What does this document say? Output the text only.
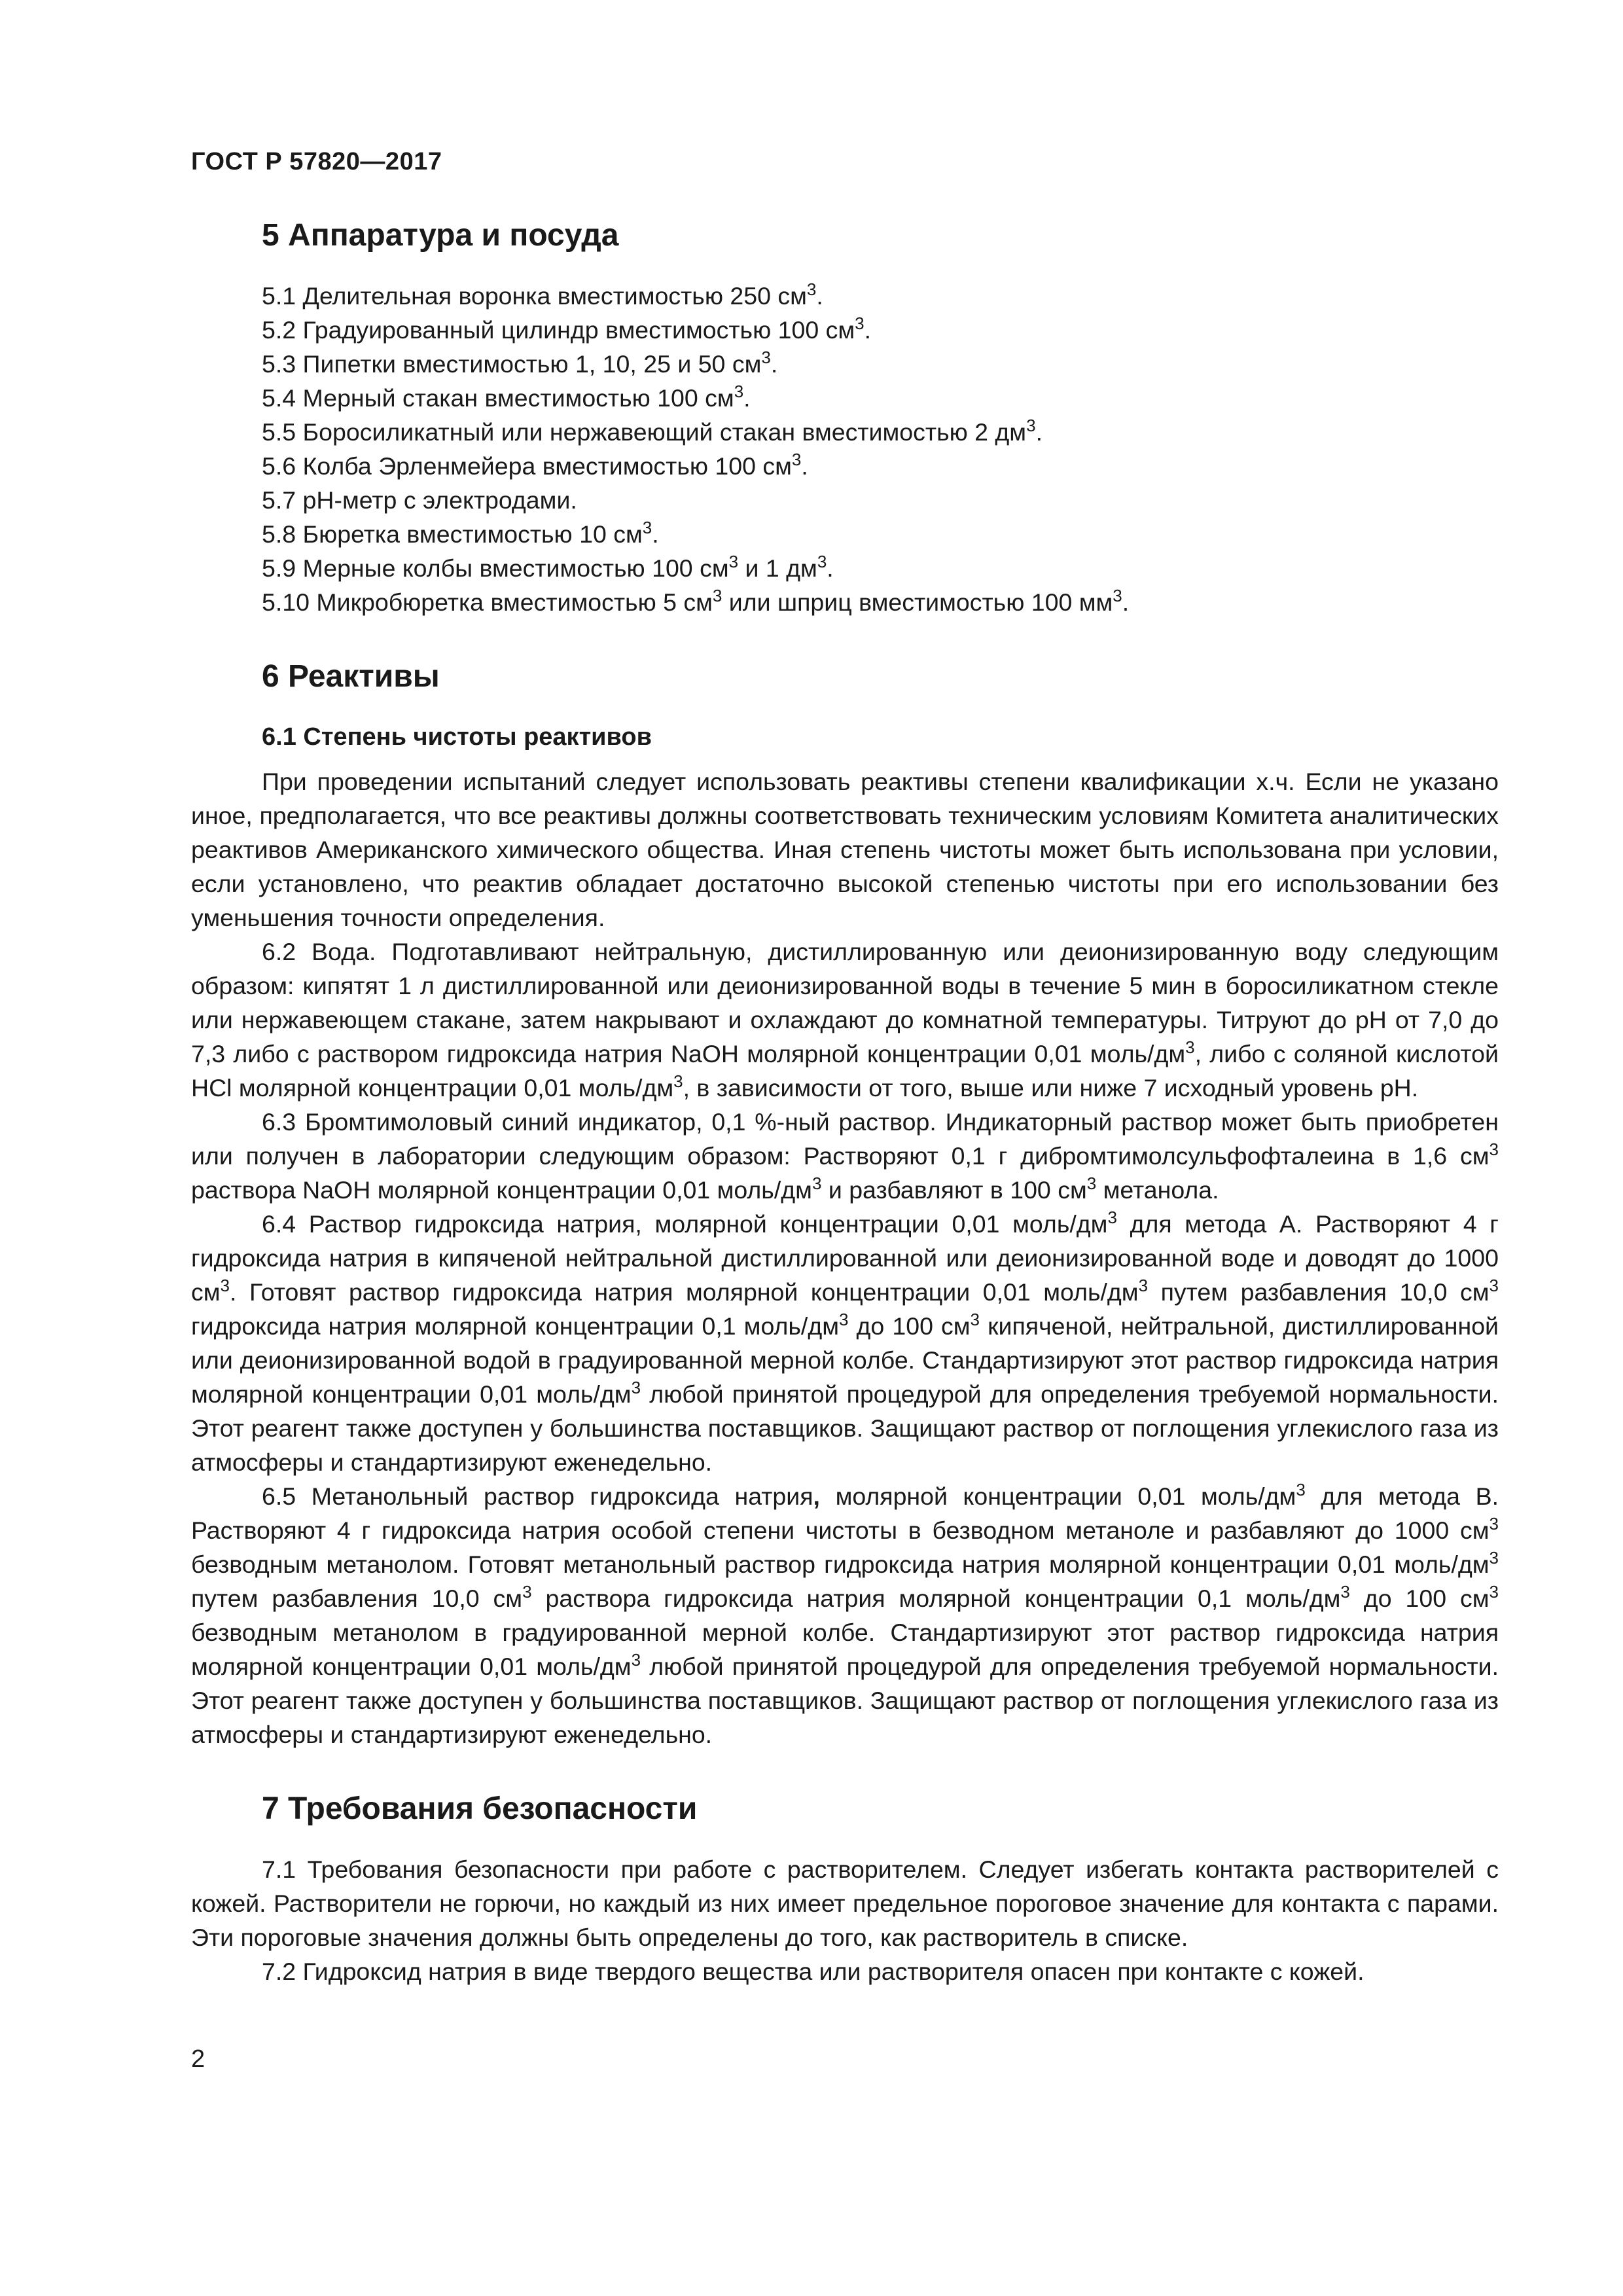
ГОСТ Р 57820—2017
5 Аппаратура и посуда
5.1 Делительная воронка вместимостью 250 $см^3$.
5.2 Градуированный цилиндр вместимостью 100 $см^3$.
5.3 Пипетки вместимостью 1, 10, 25 и 50 $см^3$.
5.4 Мерный стакан вместимостью 100 $см^3$.
5.5 Боросиликатный или нержавеющий стакан вместимостью 2 $дм^3$.
5.6 Колба Эрленмейера вместимостью 100 $см^3$.
5.7 pH-метр с электродами.
5.8 Бюретка вместимостью 10 $см^3$.
5.9 Мерные колбы вместимостью 100 $см^3$ и 1 $дм^3$.
5.10 Микробюретка вместимостью 5 $см^3$ или шприц вместимостью 100 $мм^3$.
6 Реактивы
6.1 Степень чистоты реактивов

При проведении испытаний следует использовать реактивы степени квалификации х.ч. Если не указано иное, предполагается, что все реактивы должны соответствовать техническим условиям Комитета аналитических реактивов Американского химического общества. Иная степень чистоты может быть использована при условии, если установлено, что реактив обладает достаточно высокой степенью чистоты при его использовании без уменьшения точности определения.

6.2 Вода. Подготавливают нейтральную, дистиллированную или деионизированную воду следующим образом: кипятят 1 л дистиллированной или деионизированной воды в течение 5 мин в боросиликатном стекле или нержавеющем стакане, затем накрывают и охлаждают до комнатной температуры. Титруют до pH от 7,0 до 7,3 либо с раствором гидроксида натрия NaOH молярной концентрации 0,01 моль/$дм^3$, либо с соляной кислотой HCl молярной концентрации 0,01 моль/$дм^3$, в зависимости от того, выше или ниже 7 исходный уровень pH.

6.3 Бромтимоловый синий индикатор, 0,1 %-ный раствор. Индикаторный раствор может быть приобретен или получен в лаборатории следующим образом: Растворяют 0,1 г дибромтимолсульфофталеина в 1,6 $см^3$ раствора NaOH молярной концентрации 0,01 моль/$дм^3$ и разбавляют в 100 $см^3$ метанола.

6.4 Раствор гидроксида натрия, молярной концентрации 0,01 моль/$дм^3$ для метода А. Растворяют 4 г гидроксида натрия в кипяченой нейтральной дистиллированной или деионизированной воде и доводят до 1000 $см^3$. Готовят раствор гидроксида натрия молярной концентрации 0,01 моль/$дм^3$ путем разбавления 10,0 $см^3$ гидроксида натрия молярной концентрации 0,1 моль/$дм^3$ до 100 $см^3$ кипяченой, нейтральной, дистиллированной или деионизированной водой в градуированной мерной колбе. Стандартизируют этот раствор гидроксида натрия молярной концентрации 0,01 моль/$дм^3$ любой принятой процедурой для определения требуемой нормальности. Этот реагент также доступен у большинства поставщиков. Защищают раствор от поглощения углекислого газа из атмосферы и стандартизируют еженедельно.

6.5 Метанольный раствор гидроксида натрия, молярной концентрации 0,01 моль/$дм^3$ для метода В. Растворяют 4 г гидроксида натрия особой степени чистоты в безводном метаноле и разбавляют до 1000 $см^3$ безводным метанолом. Готовят метанольный раствор гидроксида натрия молярной концентрации 0,01 моль/$дм^3$ путем разбавления 10,0 $см^3$ раствора гидроксида натрия молярной концентрации 0,1 моль/$дм^3$ до 100 $см^3$ безводным метанолом в градуированной мерной колбе. Стандартизируют этот раствор гидроксида натрия молярной концентрации 0,01 моль/$дм^3$ любой принятой процедурой для определения требуемой нормальности. Этот реагент также доступен у большинства поставщиков. Защищают раствор от поглощения углекислого газа из атмосферы и стандартизируют еженедельно.

7 Требования безопасности

7.1 Требования безопасности при работе с растворителем. Следует избегать контакта растворителей с кожей. Растворители не горючи, но каждый из них имеет предельное пороговое значение для контакта с парами. Эти пороговые значения должны быть определены до того, как растворитель в списке.

7.2 Гидроксид натрия в виде твердого вещества или растворителя опасен при контакте с кожей.

2
